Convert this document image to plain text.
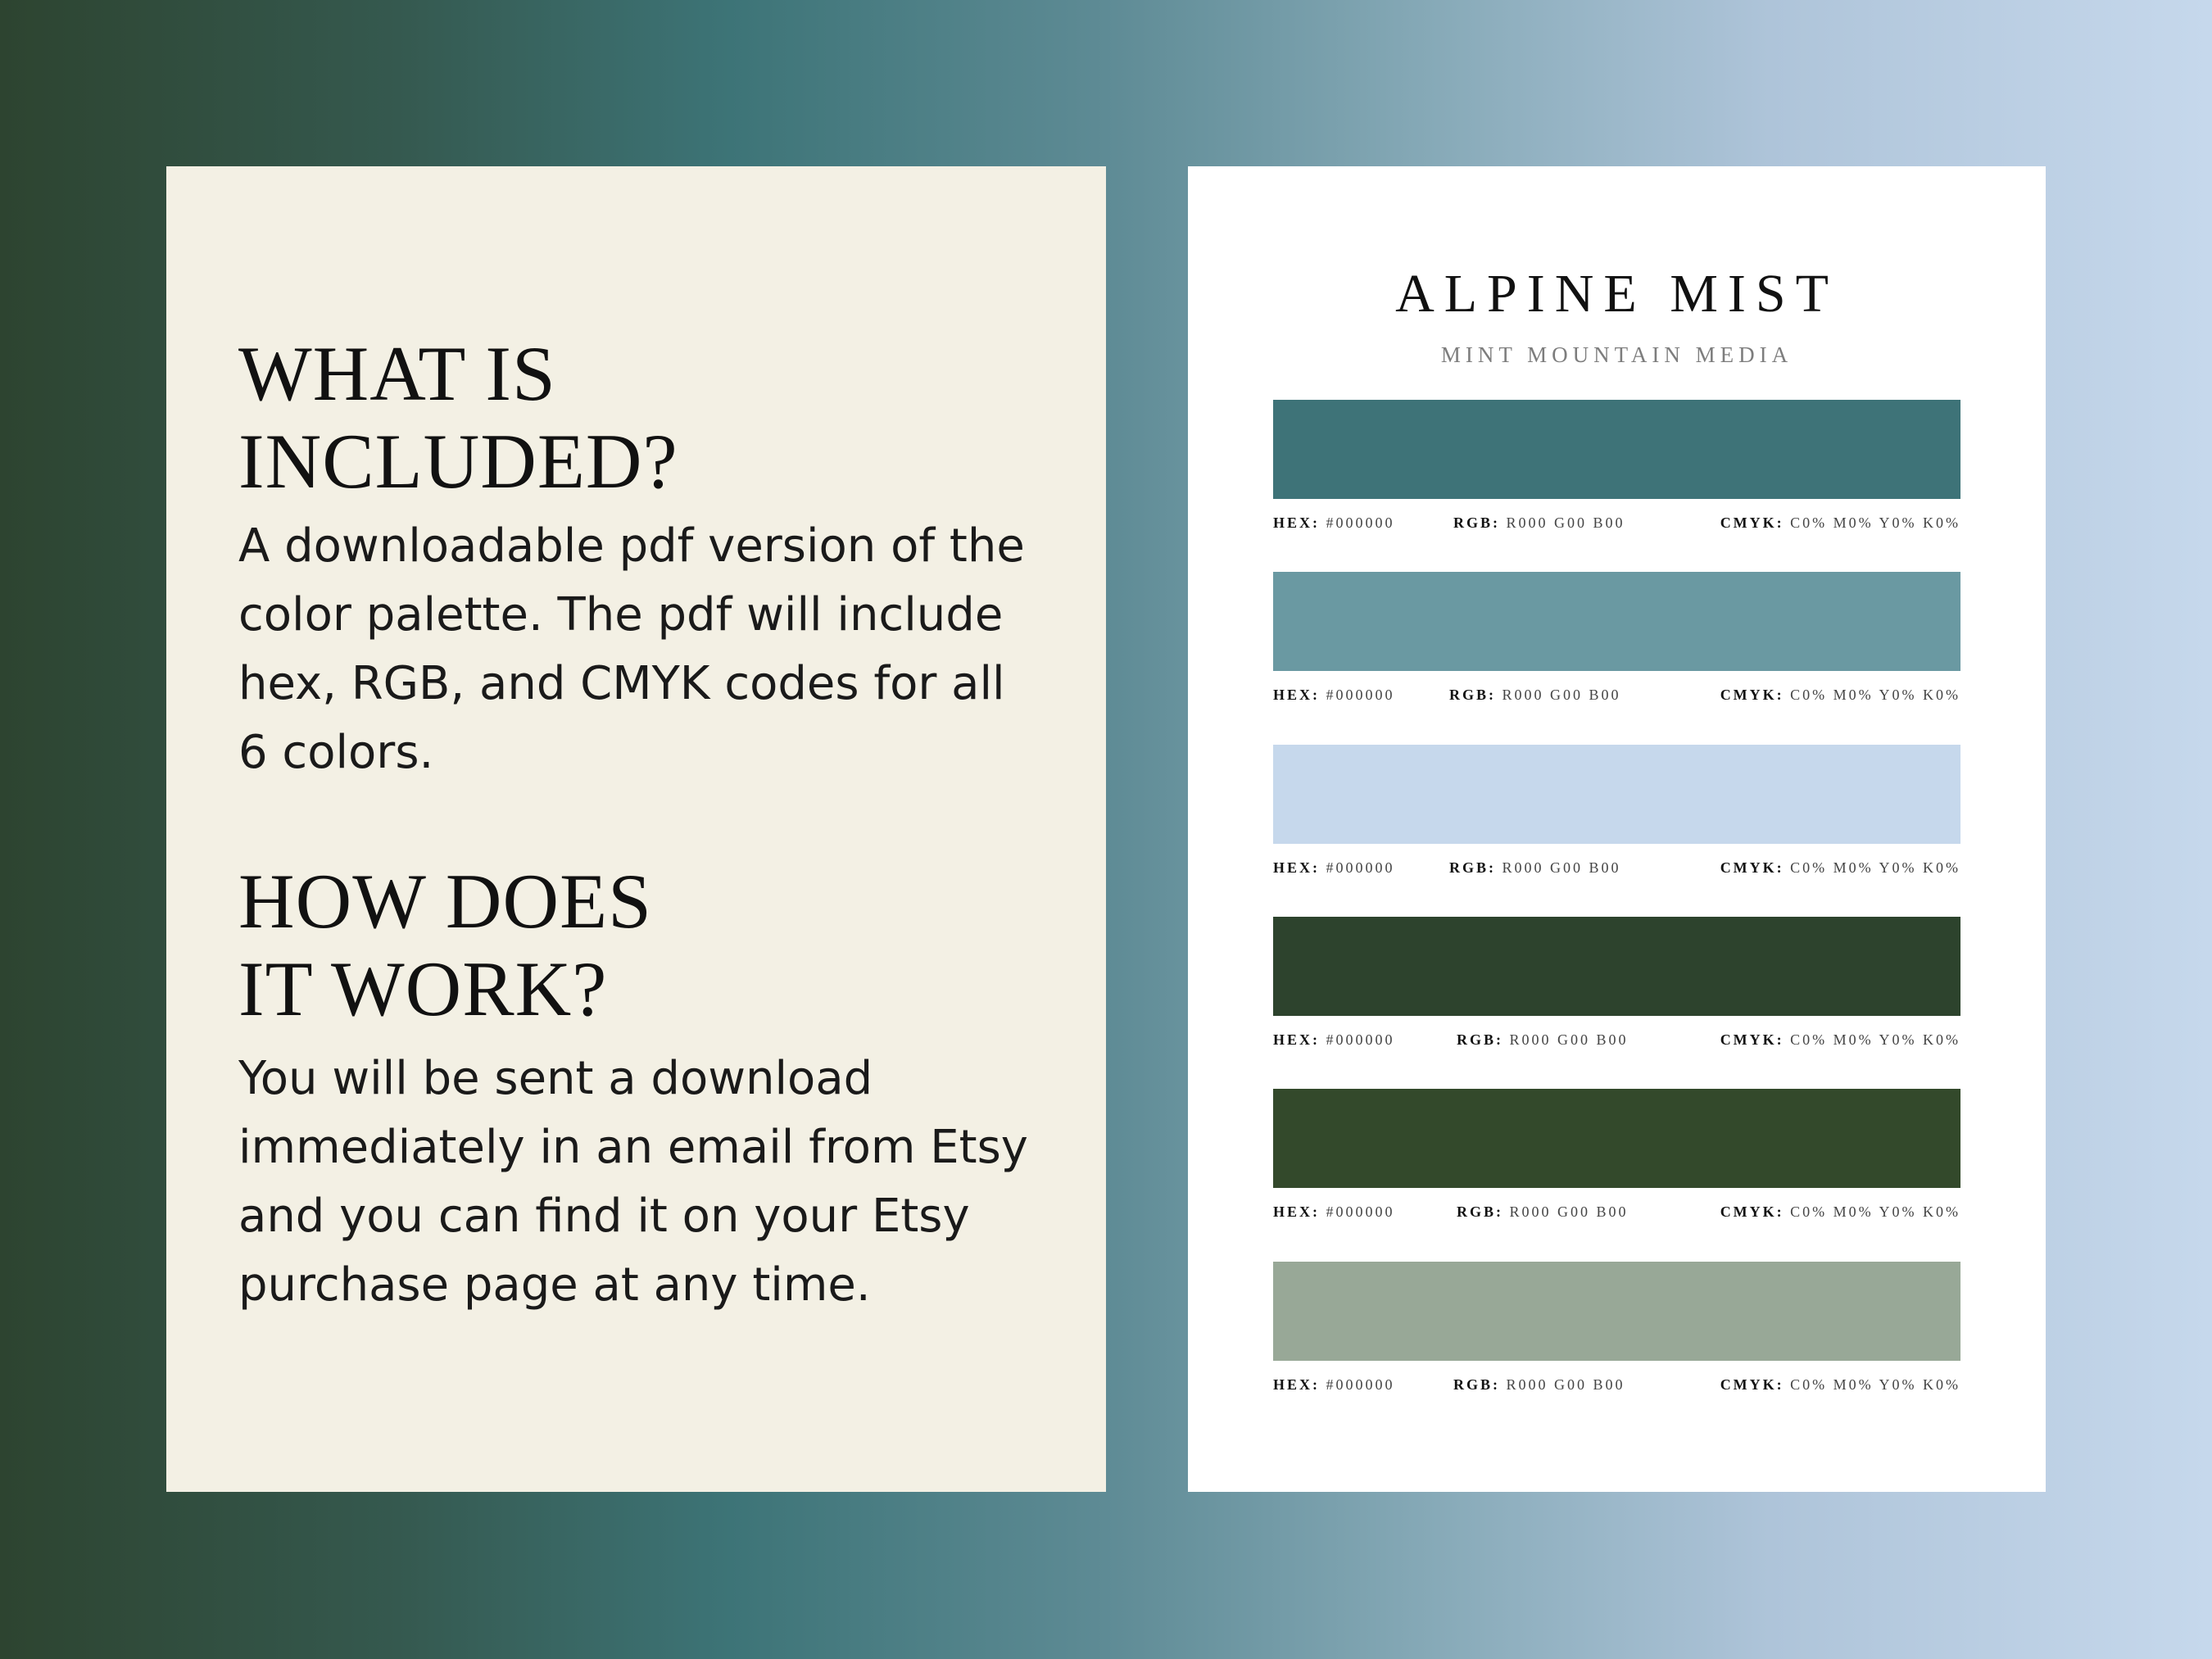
WHAT IS
INCLUDED?

A downloadable pdf version of the color palette. The pdf will include hex, RGB, and CMYK codes for all 6 colors.

HOW DOES
IT WORK?

You will be sent a download immediately in an email from Etsy and you can find it on your Etsy purchase page at any time.

ALPINE MIST

MINT MOUNTAIN MEDIA

HEX: #000000	RGB: R000 G00 B00	CMYK: C0% M0% Y0% K0%
HEX: #000000	RGB: R000 G00 B00	CMYK: C0% M0% Y0% K0%
HEX: #000000	RGB: R000 G00 B00	CMYK: C0% M0% Y0% K0%
HEX: #000000	RGB: R000 G00 B00	CMYK: C0% M0% Y0% K0%
HEX: #000000	RGB: R000 G00 B00	CMYK: C0% M0% Y0% K0%
HEX: #000000	RGB: R000 G00 B00	CMYK: C0% M0% Y0% K0%
